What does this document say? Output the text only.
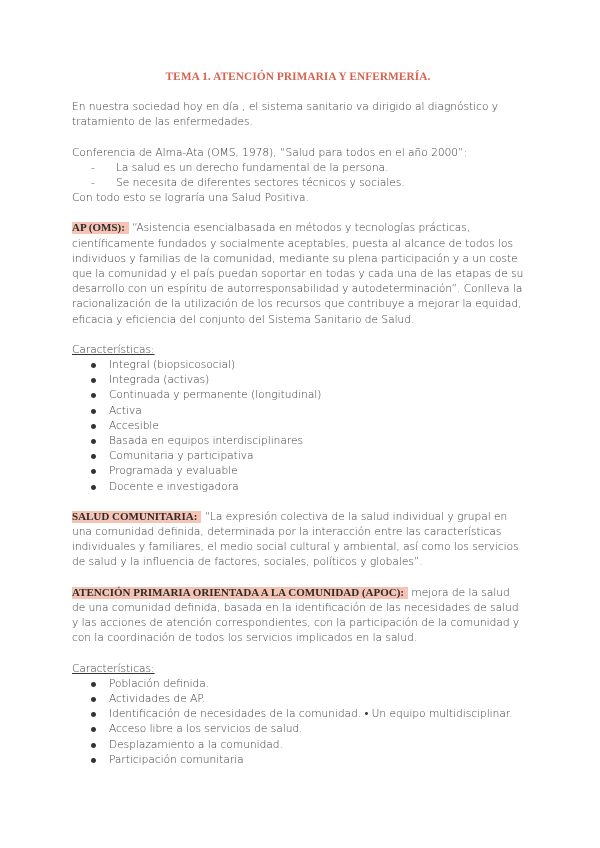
TEMA 1. ATENCIÓN PRIMARIA Y ENFERMERÍA.

En nuestra sociedad hoy en día , el sistema sanitario va dirigido al diagnóstico y tratamiento de las enfermedades.

Conferencia de Alma-Ata (OMS, 1978), “Salud para todos en el año 2000”:

- La salud es un derecho fundamental de la persona.
- Se necesita de diferentes sectores técnicos y sociales.

Con todo esto se lograría una Salud Positiva.

AP (OMS): “Asistencia esencialbasada en métodos y tecnologías prácticas, científicamente fundados y socialmente aceptables, puesta al alcance de todos los individuos y familias de la comunidad, mediante su plena participación y a un coste que la comunidad y el país puedan soportar en todas y cada una de las etapas de su desarrollo con un espíritu de autorresponsabilidad y autodeterminación”. Conlleva la racionalización de la utilización de los recursos que contribuye a mejorar la equidad, eficacia y eficiencia del conjunto del Sistema Sanitario de Salud.

Características:

Integral (biopsicosocial)
Integrada (activas)
Continuada y permanente (longitudinal)
Activa
Accesible
Basada en equipos interdisciplinares
Comunitaria y participativa
Programada y evaluable
Docente e investigadora

SALUD COMUNITARIA: “La expresión colectiva de la salud individual y grupal en una comunidad definida, determinada por la interacción entre las características individuales y familiares, el medio social cultural y ambiental, así como los servicios de salud y la influencia de factores, sociales, políticos y globales”.

ATENCIÓN PRIMARIA ORIENTADA A LA COMUNIDAD (APOC): mejora de la salud de una comunidad definida, basada en la identificación de las necesidades de salud y las acciones de atención correspondientes, con la participación de la comunidad y con la coordinación de todos los servicios implicados en la salud.

Características:

Población definida.
Actividades de AP.
Identificación de necesidades de la comunidad. • Un equipo multidisciplinar.
Acceso libre a los servicios de salud.
Desplazamiento a la comunidad.
Participación comunitaria
